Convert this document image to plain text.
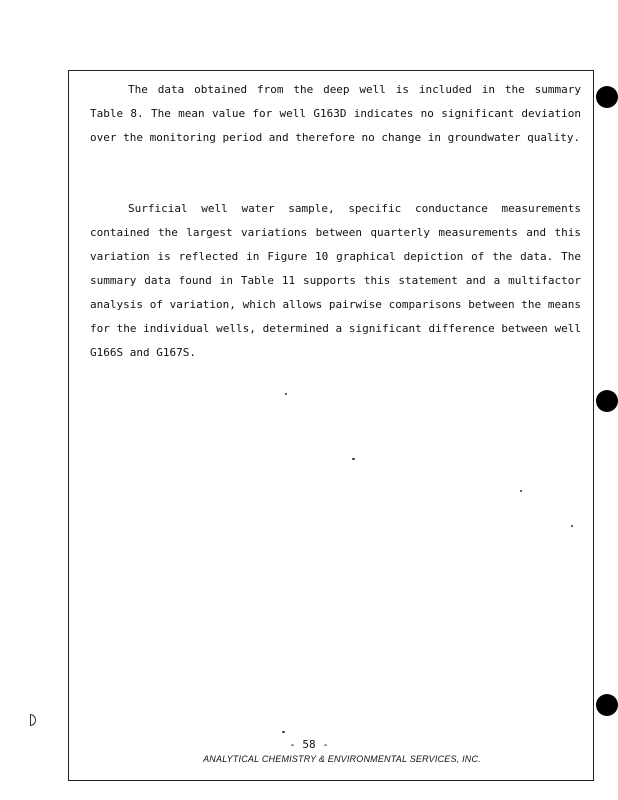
The data obtained from the deep well is included in the summary Table 8. The mean value for well G163D indicates no significant deviation over the monitoring period and therefore no change in groundwater quality.

Surficial well water sample, specific conductance measurements contained the largest variations between quarterly measurements and this variation is reflected in Figure 10 graphical depiction of the data. The summary data found in Table 11 supports this statement and a multifactor analysis of variation, which allows pairwise comparisons between the means for the individual wells, determined a significant difference between well G166S and G167S.

- 58 -
ANALYTICAL CHEMISTRY & ENVIRONMENTAL SERVICES, INC.
